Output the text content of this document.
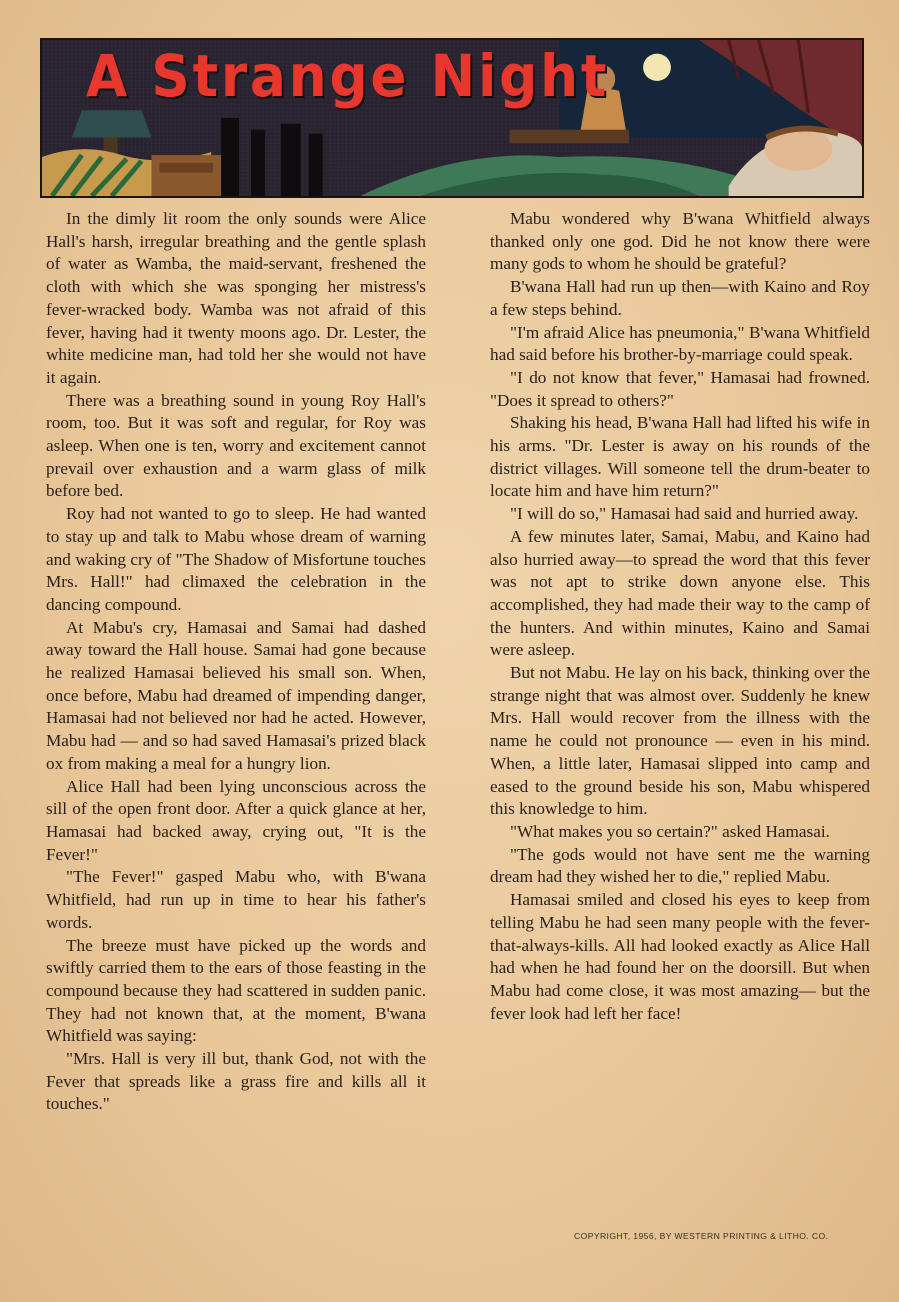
A Strange Night

In the dimly lit room the only sounds were Alice Hall's harsh, irregular breathing and the gentle splash of water as Wamba, the maid-servant, freshened the cloth with which she was sponging her mistress's fever-wracked body. Wamba was not afraid of this fever, having had it twenty moons ago. Dr. Lester, the white medicine man, had told her she would not have it again.

There was a breathing sound in young Roy Hall's room, too. But it was soft and regular, for Roy was asleep. When one is ten, worry and excitement cannot prevail over exhaustion and a warm glass of milk before bed.

Roy had not wanted to go to sleep. He had wanted to stay up and talk to Mabu whose dream of warning and waking cry of "The Shadow of Misfortune touches Mrs. Hall!" had climaxed the celebration in the dancing compound.

At Mabu's cry, Hamasai and Samai had dashed away toward the Hall house. Samai had gone because he realized Hamasai believed his small son. When, once before, Mabu had dreamed of impending danger, Hamasai had not believed nor had he acted. However, Mabu had — and so had saved Hamasai's prized black ox from making a meal for a hungry lion.

Alice Hall had been lying unconscious across the sill of the open front door. After a quick glance at her, Hamasai had backed away, crying out, "It is the Fever!"

"The Fever!" gasped Mabu who, with B'wana Whitfield, had run up in time to hear his father's words.

The breeze must have picked up the words and swiftly carried them to the ears of those feasting in the compound because they had scattered in sudden panic. They had not known that, at the moment, B'wana Whitfield was saying:

"Mrs. Hall is very ill but, thank God, not with the Fever that spreads like a grass fire and kills all it touches."

Mabu wondered why B'wana Whitfield always thanked only one god. Did he not know there were many gods to whom he should be grateful?

B'wana Hall had run up then—with Kaino and Roy a few steps behind.

"I'm afraid Alice has pneumonia," B'wana Whitfield had said before his brother-by-marriage could speak.

"I do not know that fever," Hamasai had frowned. "Does it spread to others?"

Shaking his head, B'wana Hall had lifted his wife in his arms. "Dr. Lester is away on his rounds of the district villages. Will someone tell the drum-beater to locate him and have him return?"

"I will do so," Hamasai had said and hurried away.

A few minutes later, Samai, Mabu, and Kaino had also hurried away—to spread the word that this fever was not apt to strike down anyone else. This accomplished, they had made their way to the camp of the hunters. And within minutes, Kaino and Samai were asleep.

But not Mabu. He lay on his back, thinking over the strange night that was almost over. Suddenly he knew Mrs. Hall would recover from the illness with the name he could not pronounce — even in his mind. When, a little later, Hamasai slipped into camp and eased to the ground beside his son, Mabu whispered this knowledge to him.

"What makes you so certain?" asked Hamasai.

"The gods would not have sent me the warning dream had they wished her to die," replied Mabu.

Hamasai smiled and closed his eyes to keep from telling Mabu he had seen many people with the fever-that-always-kills. All had looked exactly as Alice Hall had when he had found her on the doorsill. But when Mabu had come close, it was most amazing— but the fever look had left her face!

COPYRIGHT, 1956, BY WESTERN PRINTING & LITHO. CO.
